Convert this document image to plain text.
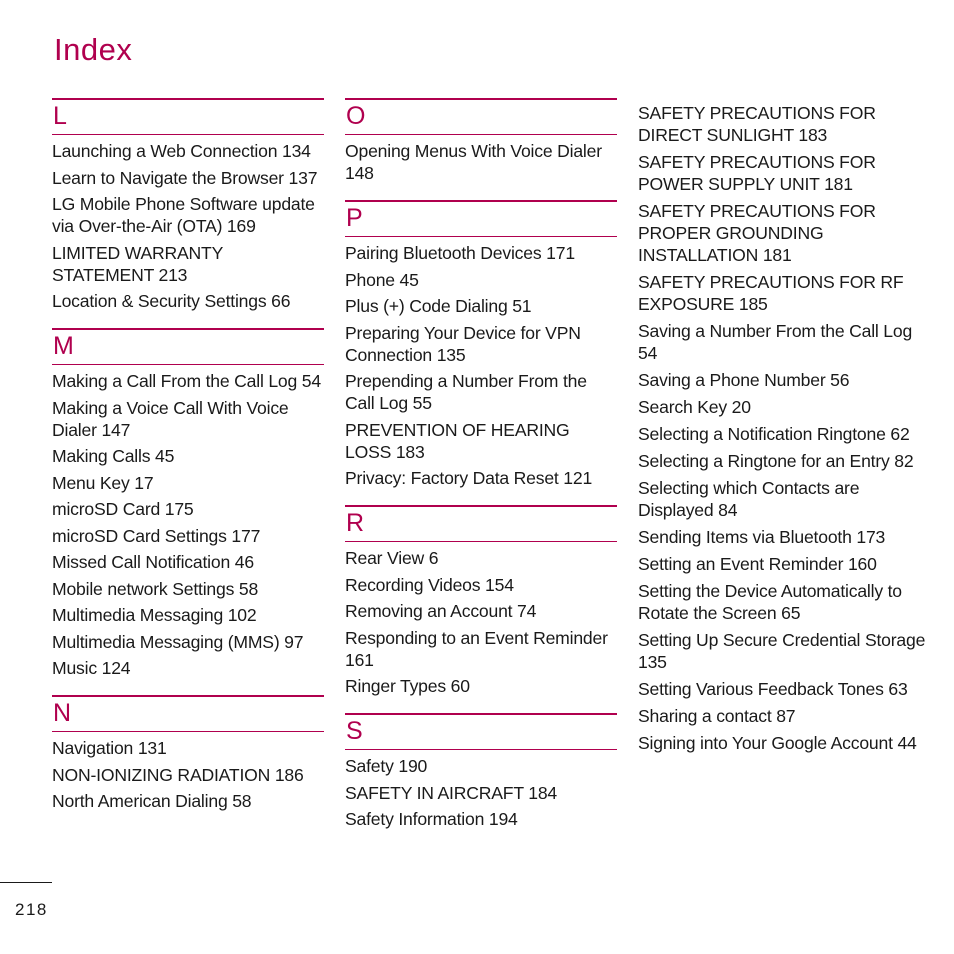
Index
L
Launching a Web Connection 134
Learn to Navigate the Browser 137
LG Mobile Phone Software update via Over-the-Air (OTA) 169
LIMITED WARRANTY STATEMENT 213
Location & Security Settings 66
M
Making a Call From the Call Log 54
Making a Voice Call With Voice Dialer 147
Making Calls 45
Menu Key 17
microSD Card 175
microSD Card Settings 177
Missed Call Notification 46
Mobile network Settings 58
Multimedia Messaging 102
Multimedia Messaging (MMS) 97
Music 124
N
Navigation 131
NON-IONIZING RADIATION 186
North American Dialing 58
O
Opening Menus With Voice Dialer 148
P
Pairing Bluetooth Devices 171
Phone 45
Plus (+) Code Dialing 51
Preparing Your Device for VPN Connection 135
Prepending a Number From the Call Log 55
PREVENTION OF HEARING LOSS 183
Privacy: Factory Data Reset 121
R
Rear View 6
Recording Videos 154
Removing an Account 74
Responding to an Event Reminder 161
Ringer Types 60
S
Safety 190
SAFETY IN AIRCRAFT 184
Safety Information 194
SAFETY PRECAUTIONS FOR DIRECT SUNLIGHT 183
SAFETY PRECAUTIONS FOR POWER SUPPLY UNIT 181
SAFETY PRECAUTIONS FOR PROPER GROUNDING INSTALLATION 181
SAFETY PRECAUTIONS FOR RF EXPOSURE 185
Saving a Number From the Call Log 54
Saving a Phone Number 56
Search Key 20
Selecting a Notification Ringtone 62
Selecting a Ringtone for an Entry 82
Selecting which Contacts are Displayed 84
Sending Items via Bluetooth 173
Setting an Event Reminder 160
Setting the Device Automatically to Rotate the Screen 65
Setting Up Secure Credential Storage 135
Setting Various Feedback Tones 63
Sharing a contact 87
Signing into Your Google Account 44
218
